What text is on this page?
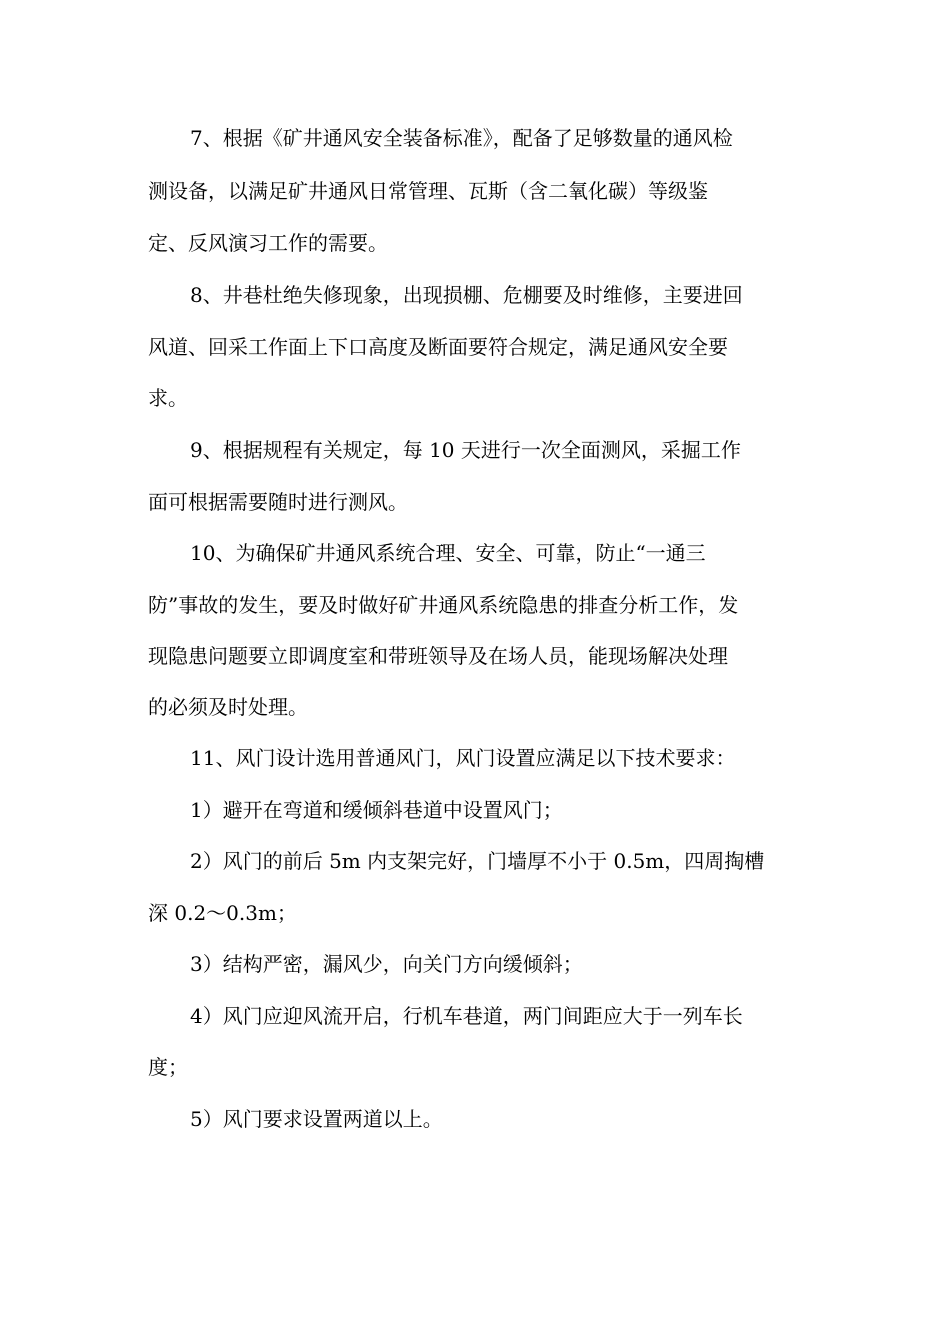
7、根据《矿井通风安全装备标准》，配备了足够数量的通风检
测设备，以满足矿井通风日常管理、瓦斯（含二氧化碳）等级鉴
定、反风演习工作的需要。
8、井巷杜绝失修现象，出现损棚、危棚要及时维修，主要进回
风道、回采工作面上下口高度及断面要符合规定，满足通风安全要
求。
9、根据规程有关规定，每 10 天进行一次全面测风，采掘工作
面可根据需要随时进行测风。
10、为确保矿井通风系统合理、安全、可靠，防止“一通三
防”事故的发生，要及时做好矿井通风系统隐患的排查分析工作，发
现隐患问题要立即调度室和带班领导及在场人员，能现场解决处理
的必须及时处理。
11、风门设计选用普通风门，风门设置应满足以下技术要求：
1）避开在弯道和缓倾斜巷道中设置风门；
2）风门的前后 5m 内支架完好，门墙厚不小于 0.5m，四周掏槽
深 0.2～0.3m；
3）结构严密，漏风少，向关门方向缓倾斜；
4）风门应迎风流开启，行机车巷道，两门间距应大于一列车长
度；
5）风门要求设置两道以上。
